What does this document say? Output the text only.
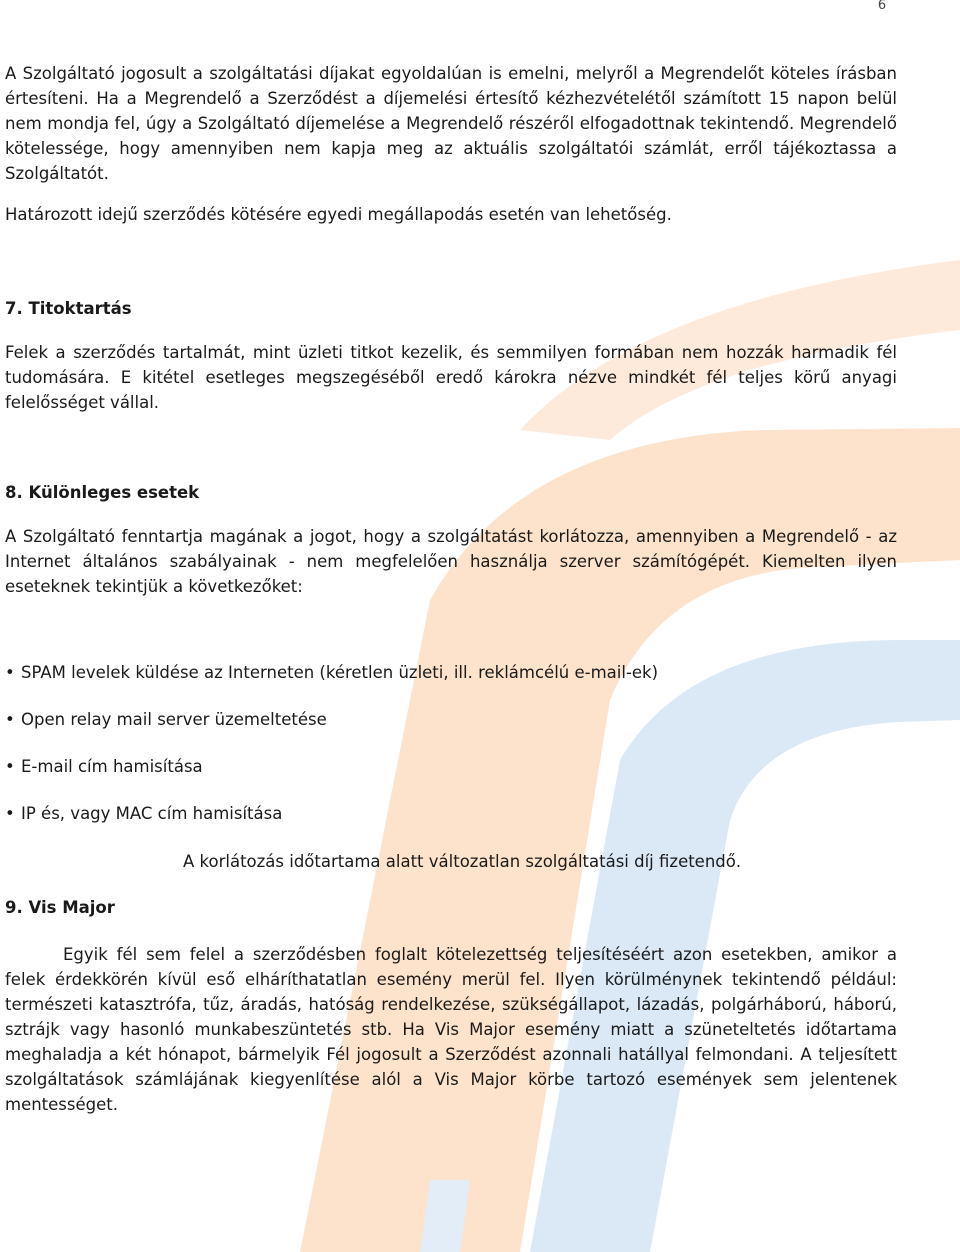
6

A Szolgáltató jogosult a szolgáltatási díjakat egyoldalúan is emelni, melyről a Megrendelőt köteles írásban értesíteni. Ha a Megrendelő a Szerződést a díjemelési értesítő kézhezvételétől számított 15 napon belül nem mondja fel, úgy a Szolgáltató díjemelése a Megrendelő részéről elfogadottnak tekintendő. Megrendelő kötelessége, hogy amennyiben nem kapja meg az aktuális szolgáltatói számlát, erről tájékoztassa a Szolgáltatót.

Határozott idejű szerződés kötésére egyedi megállapodás esetén van lehetőség.

7. Titoktartás

Felek a szerződés tartalmát, mint üzleti titkot kezelik, és semmilyen formában nem hozzák harmadik fél tudomására. E kitétel esetleges megszegéséből eredő károkra nézve mindkét fél teljes körű anyagi felelősséget vállal.

8. Különleges esetek

A Szolgáltató fenntartja magának a jogot, hogy a szolgáltatást korlátozza, amennyiben a Megrendelő - az Internet általános szabályainak - nem megfelelően használja szerver számítógépét. Kiemelten ilyen eseteknek tekintjük a következőket:

• SPAM levelek küldése az Interneten (kéretlen üzleti, ill. reklámcélú e-mail-ek)
• Open relay mail server üzemeltetése
• E-mail cím hamisítása
• IP és, vagy MAC cím hamisítása

A korlátozás időtartama alatt változatlan szolgáltatási díj fizetendő.

9. Vis Major

Egyik fél sem felel a szerződésben foglalt kötelezettség teljesítéséért azon esetekben, amikor a felek érdekkörén kívül eső elháríthatatlan esemény merül fel. Ilyen körülménynek tekintendő például: természeti katasztrófa, tűz, áradás, hatóság rendelkezése, szükségállapot, lázadás, polgárháború, háború, sztrájk vagy hasonló munkabeszüntetés stb. Ha Vis Major esemény miatt a szüneteltetés időtartama meghaladja a két hónapot, bármelyik Fél jogosult a Szerződést azonnali hatállyal felmondani. A teljesített szolgáltatások számlájának kiegyenlítése alól a Vis Major körbe tartozó események sem jelentenek mentességet.
